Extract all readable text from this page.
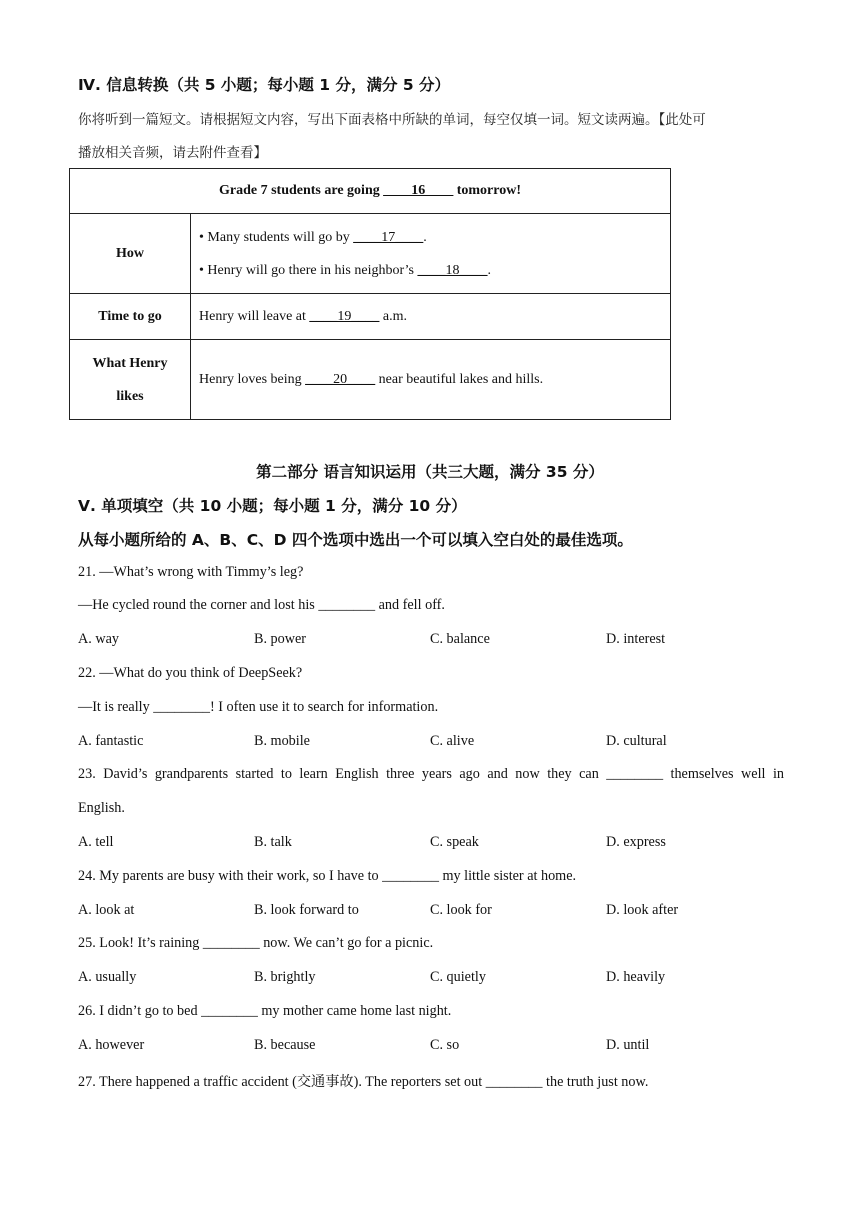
Ⅳ. 信息转换（共 5 小题；每小题 1 分，满分 5 分）
你将听到一篇短文。请根据短文内容，写出下面表格中所缺的单词，每空仅填一词。短文读两遍。【此处可
播放相关音频，请去附件查看】
Grade 7 students are going ____16____ tomorrow!	
How	• Many students will go by ____17____.
• Henry will go there in his neighbor’s ____18____.

Time to go	Henry will leave at ____19____ a.m.

What Henry
likes	Henry loves being ____20____ near beautiful lakes and hills.
第二部分 语言知识运用（共三大题，满分 35 分）
Ⅴ. 单项填空（共 10 小题；每小题 1 分，满分 10 分）
从每小题所给的 A、B、C、D 四个选项中选出一个可以填入空白处的最佳选项。
21. —What’s wrong with Timmy’s leg?
—He cycled round the corner and lost his ________ and fell off.
A. way	B. power	C. balance	D. interest
22. —What do you think of DeepSeek?
—It is really ________! I often use it to search for information.
A. fantastic	B. mobile	C. alive	D. cultural
23. David’s grandparents started to learn English three years ago and now they can ________ themselves well in
English.
A. tell	B. talk	C. speak	D. express
24. My parents are busy with their work, so I have to ________ my little sister at home.
A. look at	B. look forward to	C. look for	D. look after
25. Look! It’s raining ________ now. We can’t go for a picnic.
A. usually	B. brightly	C. quietly	D. heavily
26. I didn’t go to bed ________ my mother came home last night.
A. however	B. because	C. so	D. until
27. There happened a traffic accident (交通事故). The reporters set out ________ the truth just now.
